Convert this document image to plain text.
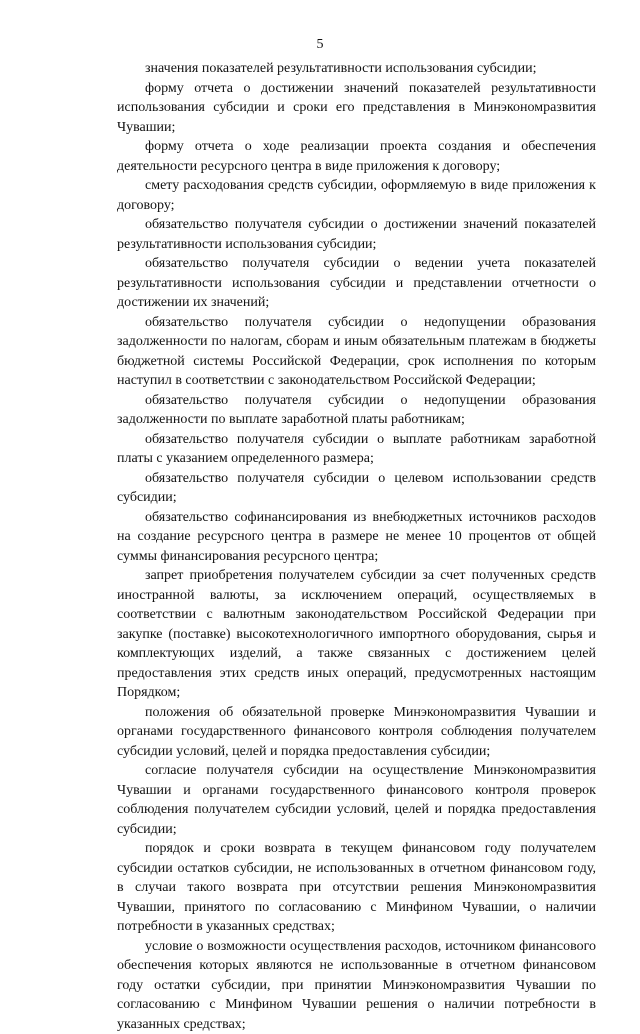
5

значения показателей результативности использования субсидии;

форму отчета о достижении значений показателей результативности использования субсидии и сроки его представления в Минэкономразвития Чувашии;

форму отчета о ходе реализации проекта создания и обеспечения деятельности ресурсного центра в виде приложения к договору;

смету расходования средств субсидии, оформляемую в виде приложения к договору;

обязательство получателя субсидии о достижении значений показателей результативности использования субсидии;

обязательство получателя субсидии о ведении учета показателей результативности использования субсидии и представлении отчетности о достижении их значений;

обязательство получателя субсидии о недопущении образования задолженности по налогам, сборам и иным обязательным платежам в бюджеты бюджетной системы Российской Федерации, срок исполнения по которым наступил в соответствии с законодательством Российской Федерации;

обязательство получателя субсидии о недопущении образования задолженности по выплате заработной платы работникам;

обязательство получателя субсидии о выплате работникам заработной платы с указанием определенного размера;

обязательство получателя субсидии о целевом использовании средств субсидии;

обязательство софинансирования из внебюджетных источников расходов на создание ресурсного центра в размере не менее 10 процентов от общей суммы финансирования ресурсного центра;

запрет приобретения получателем субсидии за счет полученных средств иностранной валюты, за исключением операций, осуществляемых в соответствии с валютным законодательством Российской Федерации при закупке (поставке) высокотехнологичного импортного оборудования, сырья и комплектующих изделий, а также связанных с достижением целей предоставления этих средств иных операций, предусмотренных настоящим Порядком;

положения об обязательной проверке Минэкономразвития Чувашии и органами государственного финансового контроля соблюдения получателем субсидии условий, целей и порядка предоставления субсидии;

согласие получателя субсидии на осуществление Минэкономразвития Чувашии и органами государственного финансового контроля проверок соблюдения получателем субсидии условий, целей и порядка предоставления субсидии;

порядок и сроки возврата в текущем финансовом году получателем субсидии остатков субсидии, не использованных в отчетном финансовом году, в случаи такого возврата при отсутствии решения Минэкономразвития Чувашии, принятого по согласованию с Минфином Чувашии, о наличии потребности в указанных средствах;

условие о возможности осуществления расходов, источником финансового обеспечения которых являются не использованные в отчетном финансовом году остатки субсидии, при принятии Минэкономразвития Чувашии по согласованию с Минфином Чувашии решения о наличии потребности в указанных средствах;
